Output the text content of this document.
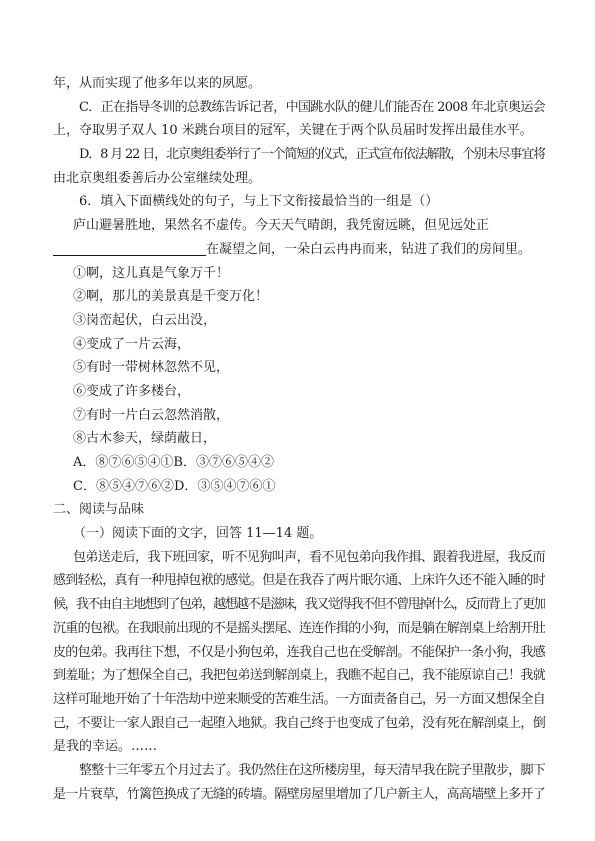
年，从而实现了他多年以来的夙愿。
C．正在指导冬训的总教练告诉记者，中国跳水队的健儿们能否在 2008 年北京奥运会
上，夺取男子双人 10 米跳台项目的冠军，关键在于两个队员届时发挥出最佳水平。
D．8 月 22 日，北京奥组委举行了一个简短的仪式，正式宣布依法解散，个别未尽事宜将
由北京奥组委善后办公室继续处理。
6．填入下面横线处的句子，与上下文衔接最恰当的一组是（）
庐山避暑胜地，果然名不虚传。今天天气晴朗，我凭窗远眺，但见远处正
在凝望之间，一朵白云冉冉而来，钻进了我们的房间里。
①啊，这儿真是气象万千！
②啊，那儿的美景真是千变万化！
③岗峦起伏，白云出没，
④变成了一片云海，
⑤有时一带树林忽然不见，
⑥变成了许多楼台，
⑦有时一片白云忽然消散，
⑧古木参天，绿荫蔽日，
A．⑧⑦⑥⑤④①B．③⑦⑥⑤④②
C．⑧⑤④⑦⑥②D．③⑤④⑦⑥①
二、阅读与品味
（一）阅读下面的文字，回答 11—14 题。
包弟送走后，我下班回家，听不见狗叫声，看不见包弟向我作揖、跟着我进屋，我反而
感到轻松，真有一种甩掉包袱的感觉。但是在我吞了两片眠尔通、上床许久还不能入睡的时
候，我不由自主地想到了包弟，越想越不是滋味，我又觉得我不但不曾甩掉什么，反而背上了更加
沉重的包袱。在我眼前出现的不是摇头摆尾、连连作揖的小狗，而是躺在解剖桌上给割开肚
皮的包弟。我再往下想，不仅是小狗包弟，连我自己也在受解剖。不能保护一条小狗，我感
到羞耻；为了想保全自己，我把包弟送到解剖桌上，我瞧不起自己，我不能原谅自己！我就
这样可耻地开始了十年浩劫中逆来顺受的苦难生活。一方面责备自己，另一方面又想保全自
己，不要让一家人跟自己一起堕入地狱。我自己终于也变成了包弟，没有死在解剖桌上，倒
是我的幸运。……
整整十三年零五个月过去了。我仍然住在这所楼房里，每天清早我在院子里散步，脚下
是一片衰草，竹篱笆换成了无缝的砖墙。隔壁房屋里增加了几户新主人，高高墙壁上多开了
